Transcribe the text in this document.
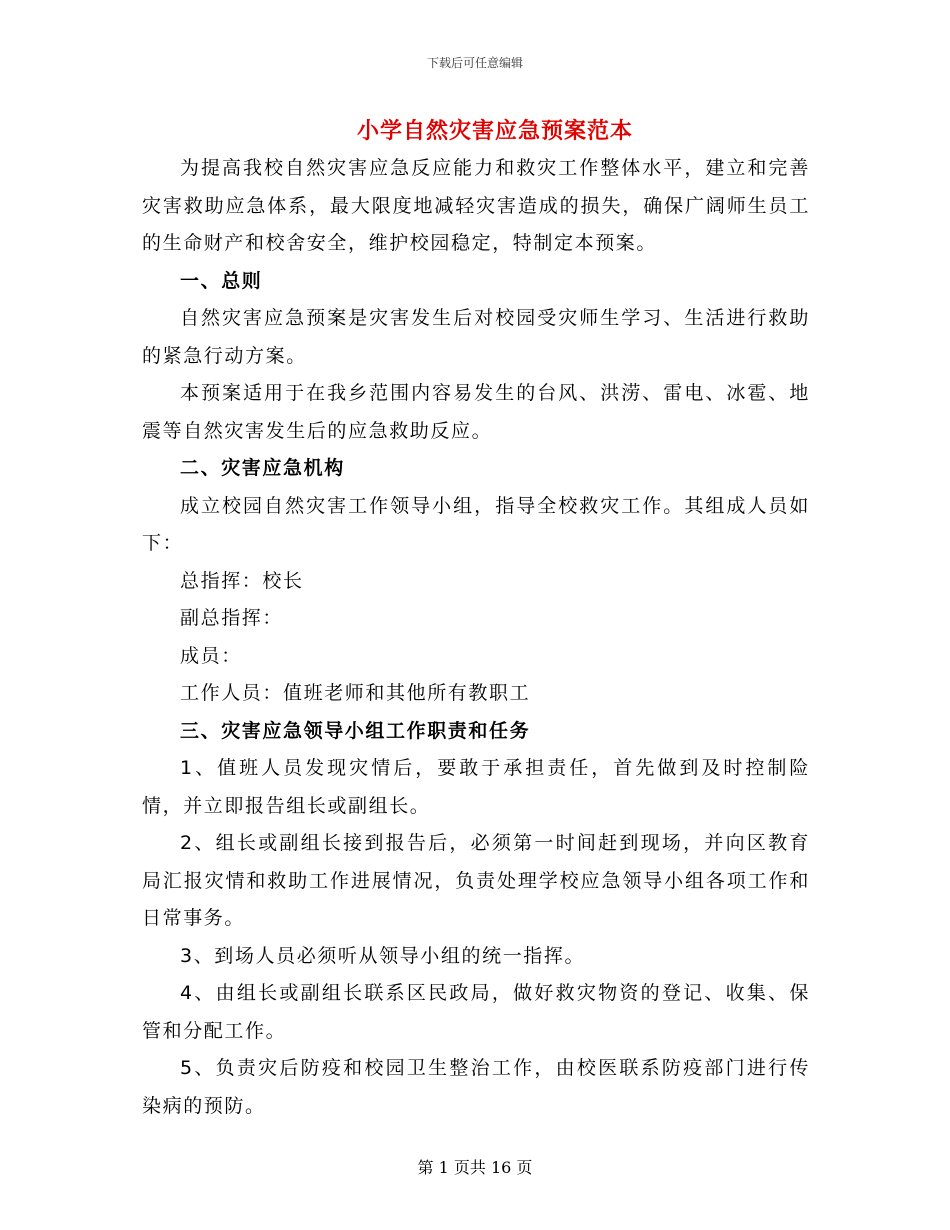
下载后可任意编辑
小学自然灾害应急预案范本

为提高我校自然灾害应急反应能力和救灾工作整体水平，建立和完善灾害救助应急体系，最大限度地减轻灾害造成的损失，确保广阔师生员工的生命财产和校舍安全，维护校园稳定，特制定本预案。

一、总则

自然灾害应急预案是灾害发生后对校园受灾师生学习、生活进行救助的紧急行动方案。

本预案适用于在我乡范围内容易发生的台风、洪涝、雷电、冰雹、地震等自然灾害发生后的应急救助反应。

二、灾害应急机构

成立校园自然灾害工作领导小组，指导全校救灾工作。其组成人员如下：

总指挥：校长

副总指挥：

成员：

工作人员：值班老师和其他所有教职工

三、灾害应急领导小组工作职责和任务

1、值班人员发现灾情后，要敢于承担责任，首先做到及时控制险情，并立即报告组长或副组长。

2、组长或副组长接到报告后，必须第一时间赶到现场，并向区教育局汇报灾情和救助工作进展情况，负责处理学校应急领导小组各项工作和日常事务。

3、到场人员必须听从领导小组的统一指挥。

4、由组长或副组长联系区民政局，做好救灾物资的登记、收集、保管和分配工作。

5、负责灾后防疫和校园卫生整治工作，由校医联系防疫部门进行传染病的预防。

第 1 页共 16 页
